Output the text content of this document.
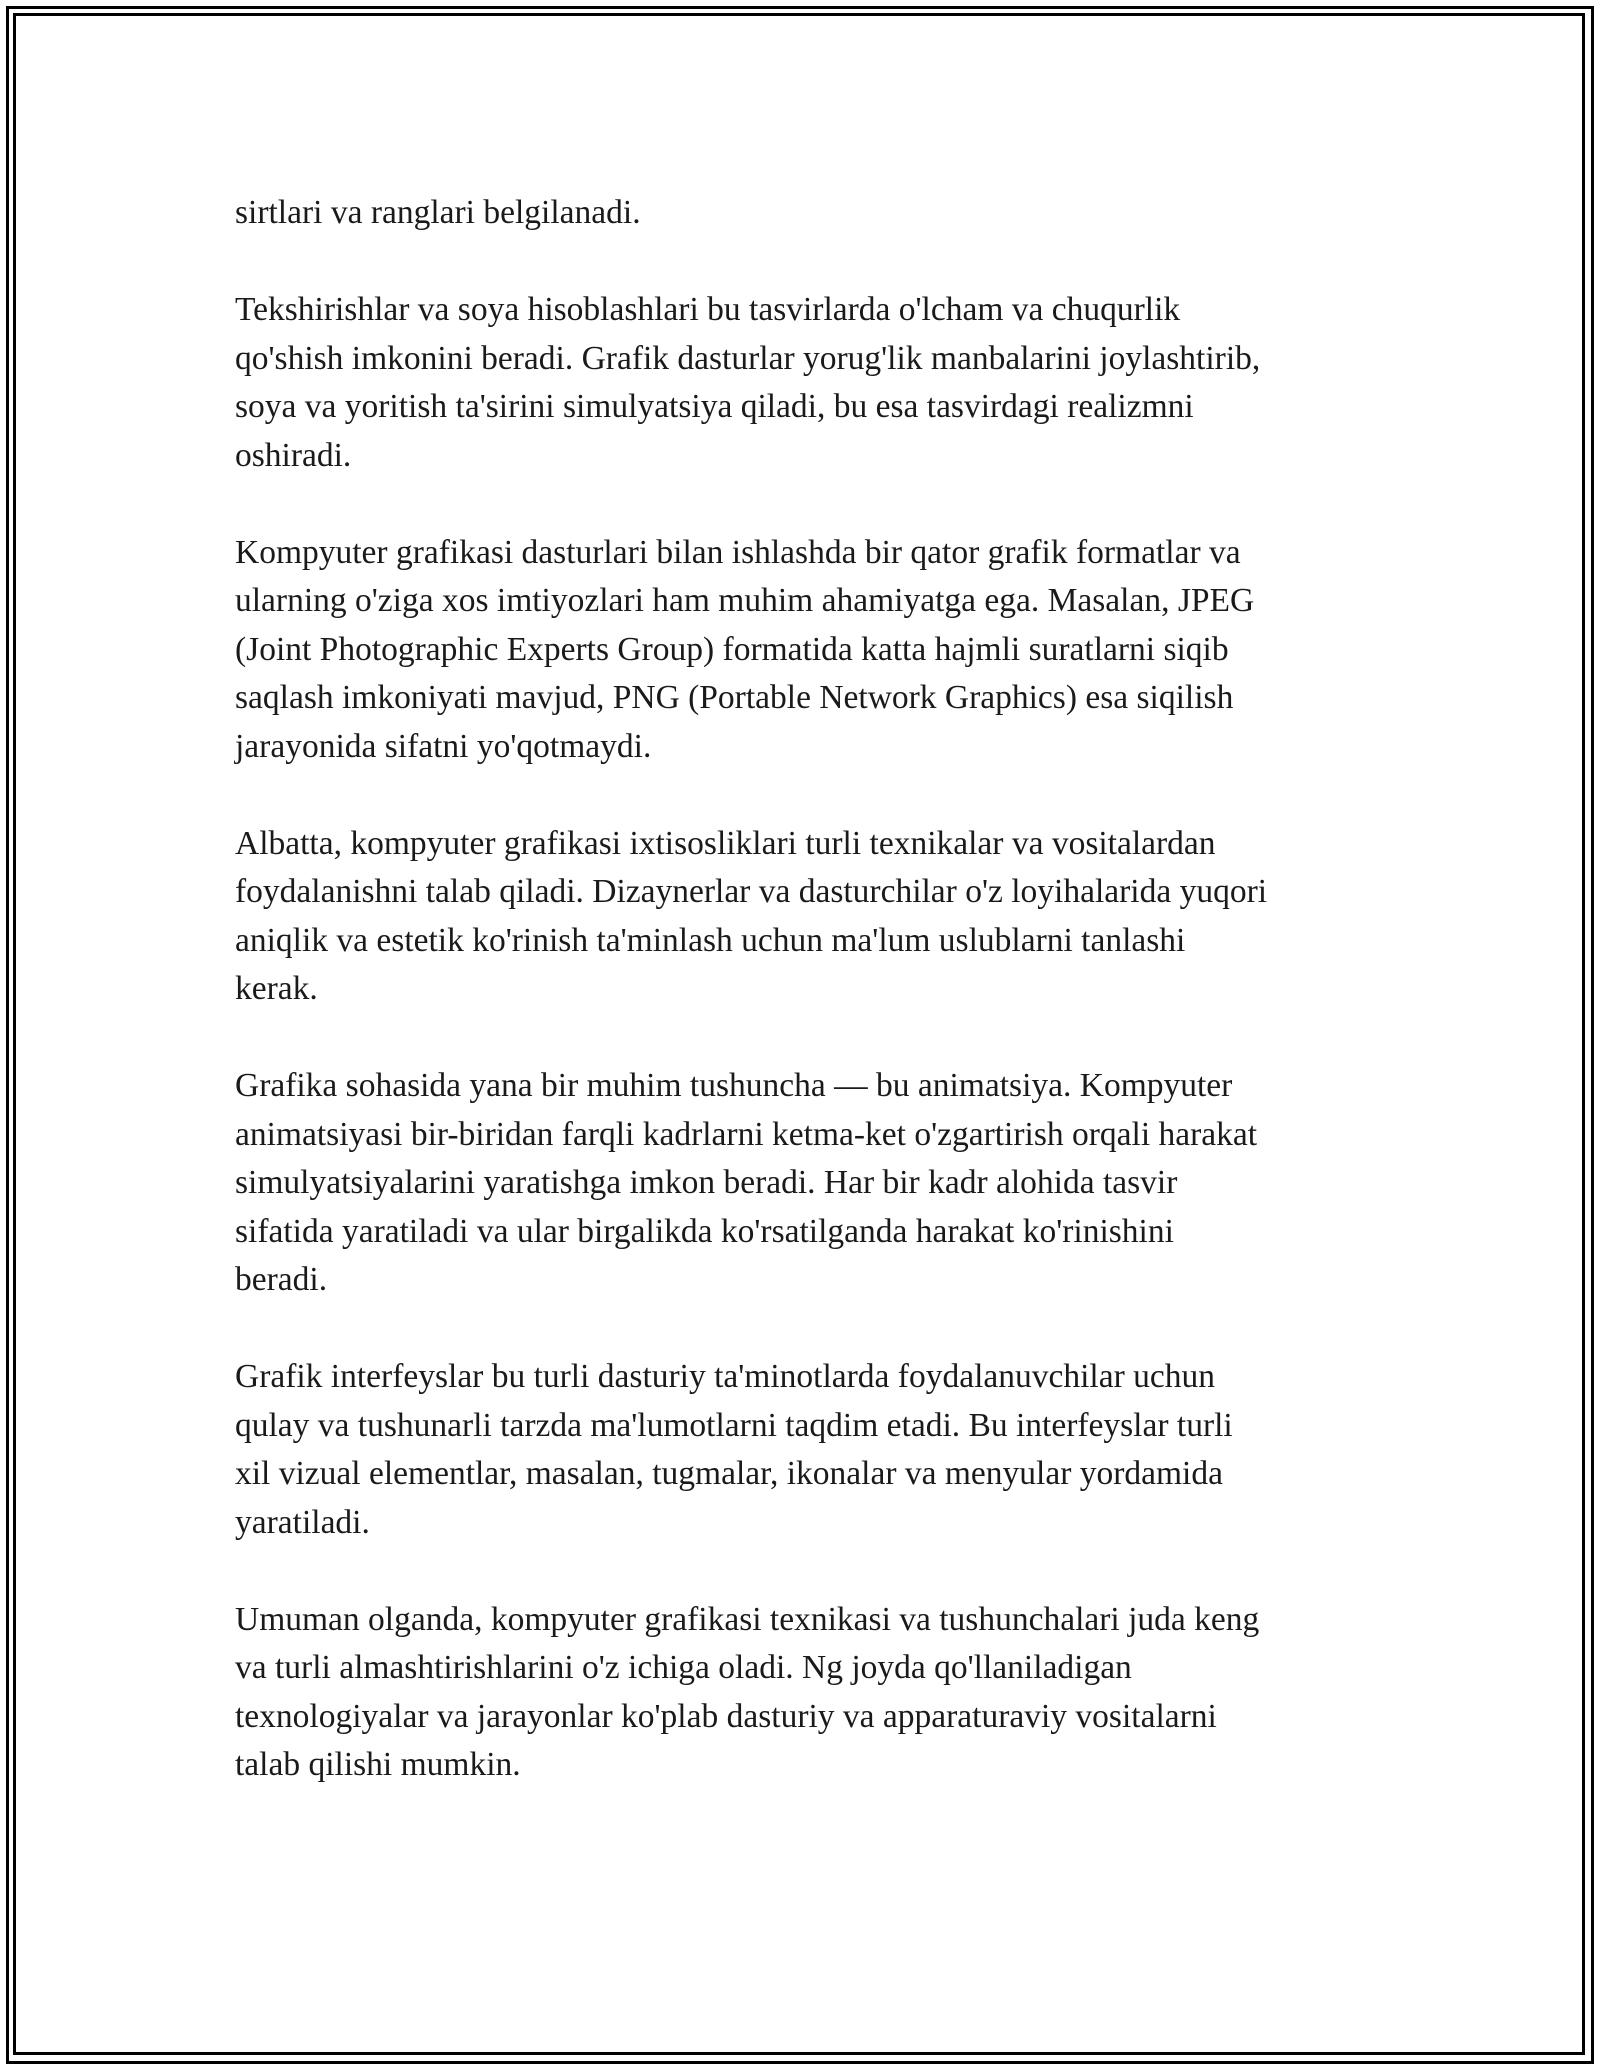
sirtlari va ranglari belgilanadi.

Tekshirishlar va soya hisoblashlari bu tasvirlarda o'lcham va chuqurlik
qo'shish imkonini beradi. Grafik dasturlar yorug'lik manbalarini joylashtirib,
soya va yoritish ta'sirini simulyatsiya qiladi, bu esa tasvirdagi realizmni
oshiradi.

Kompyuter grafikasi dasturlari bilan ishlashda bir qator grafik formatlar va
ularning o'ziga xos imtiyozlari ham muhim ahamiyatga ega. Masalan, JPEG
(Joint Photographic Experts Group) formatida katta hajmli suratlarni siqib
saqlash imkoniyati mavjud, PNG (Portable Network Graphics) esa siqilish
jarayonida sifatni yo'qotmaydi.

Albatta, kompyuter grafikasi ixtisosliklari turli texnikalar va vositalardan
foydalanishni talab qiladi. Dizaynerlar va dasturchilar o'z loyihalarida yuqori
aniqlik va estetik ko'rinish ta'minlash uchun ma'lum uslublarni tanlashi
kerak.

Grafika sohasida yana bir muhim tushuncha — bu animatsiya. Kompyuter
animatsiyasi bir-biridan farqli kadrlarni ketma-ket o'zgartirish orqali harakat
simulyatsiyalarini yaratishga imkon beradi. Har bir kadr alohida tasvir
sifatida yaratiladi va ular birgalikda ko'rsatilganda harakat ko'rinishini
beradi.

Grafik interfeyslar bu turli dasturiy ta'minotlarda foydalanuvchilar uchun
qulay va tushunarli tarzda ma'lumotlarni taqdim etadi. Bu interfeyslar turli
xil vizual elementlar, masalan, tugmalar, ikonalar va menyular yordamida
yaratiladi.

Umuman olganda, kompyuter grafikasi texnikasi va tushunchalari juda keng
va turli almashtirishlarini o'z ichiga oladi. Ng joyda qo'llaniladigan
texnologiyalar va jarayonlar ko'plab dasturiy va apparaturaviy vositalarni
talab qilishi mumkin.
